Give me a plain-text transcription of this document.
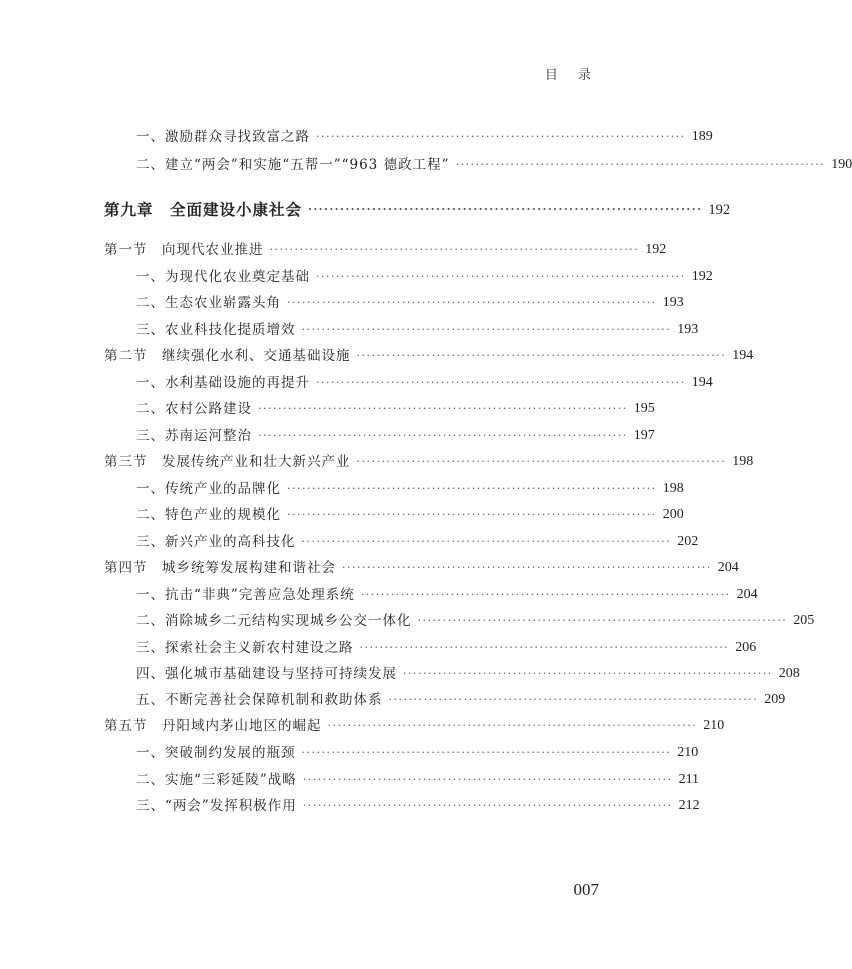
目 录
一、激励群众寻找致富之路 ·········································································· 189
二、建立“两会”和实施“五帮一”“963 德政工程” ·········································································· 190
第九章　全面建设小康社会 ·········································································· 192
第一节　向现代农业推进 ·········································································· 192
一、为现代化农业奠定基础 ·········································································· 192
二、生态农业崭露头角 ·········································································· 193
三、农业科技化提质增效 ·········································································· 193
第二节　继续强化水利、交通基础设施 ·········································································· 194
一、水利基础设施的再提升 ·········································································· 194
二、农村公路建设 ·········································································· 195
三、苏南运河整治 ·········································································· 197
第三节　发展传统产业和壮大新兴产业 ·········································································· 198
一、传统产业的品牌化 ·········································································· 198
二、特色产业的规模化 ·········································································· 200
三、新兴产业的高科技化 ·········································································· 202
第四节　城乡统筹发展构建和谐社会 ·········································································· 204
一、抗击“非典”完善应急处理系统 ·········································································· 204
二、消除城乡二元结构实现城乡公交一体化 ·········································································· 205
三、探索社会主义新农村建设之路 ·········································································· 206
四、强化城市基础建设与坚持可持续发展 ·········································································· 208
五、不断完善社会保障机制和救助体系 ·········································································· 209
第五节　丹阳域内茅山地区的崛起 ·········································································· 210
一、突破制约发展的瓶颈 ·········································································· 210
二、实施“三彩延陵”战略 ·········································································· 211
三、“两会”发挥积极作用 ·········································································· 212
007
